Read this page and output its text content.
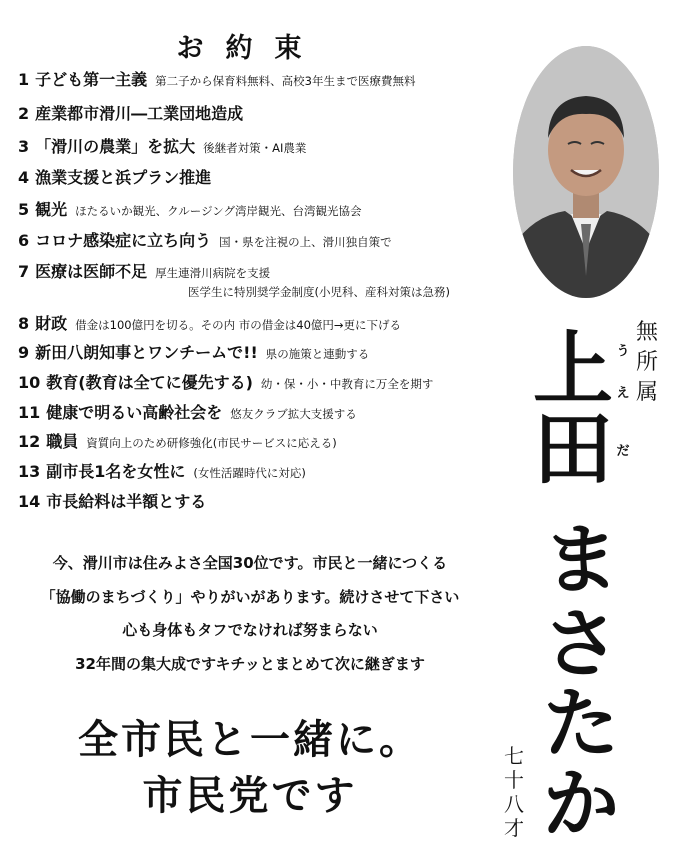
お約束
1 子ども第一主義 第二子から保育料無料、高校3年生まで医療費無料
2 産業都市滑川―工業団地造成
3 「滑川の農業」を拡大 後継者対策・AI農業
4 漁業支援と浜プラン推進
5 観光 ほたるいか観光、クルージング湾岸観光、台湾観光協会
6 コロナ感染症に立ち向う 国・県を注視の上、滑川独自策で
7 医療は医師不足 厚生連滑川病院を支援
医学生に特別奨学金制度(小児科、産科対策は急務)
8 財政 借金は100億円を切る。その内 市の借金は40億円→更に下げる
9 新田八朗知事とワンチームで!! 県の施策と連動する
10 教育(教育は全てに優先する) 幼・保・小・中教育に万全を期す
11 健康で明るい高齢社会を 悠友クラブ拡大支援する
12 職員 資質向上のため研修強化(市民サービスに応える)
13 副市長1名を女性に (女性活躍時代に対応)
14 市長給料は半額とする
無
所
属
う
え
だ
上
田
ま
さ
た
か
七
十
八
才
今、滑川市は住みよさ全国30位です。市民と一緒につくる
「協働のまちづくり」やりがいがあります。続けさせて下さい
心も身体もタフでなければ努まらない
32年間の集大成ですキチッとまとめて次に継ぎます
全市民と一緒に。
市民党です
